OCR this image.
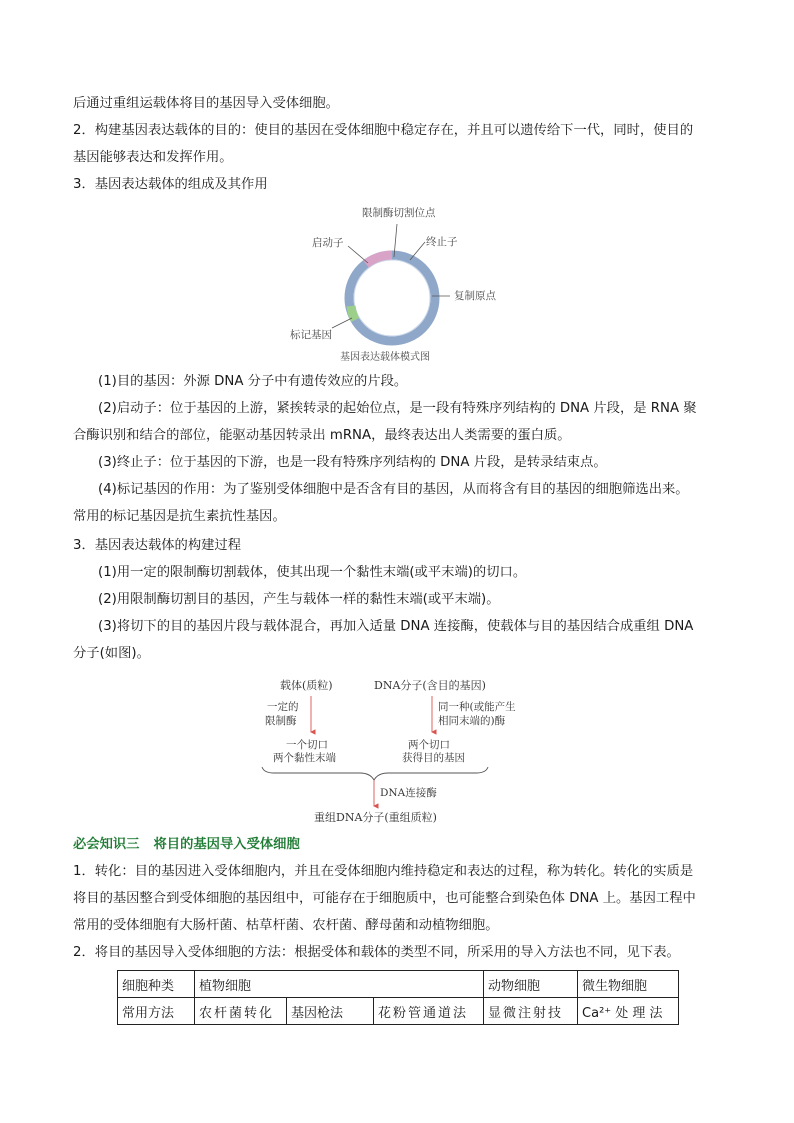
后通过重组运载体将目的基因导入受体细胞。
2．构建基因表达载体的目的：使目的基因在受体细胞中稳定存在，并且可以遗传给下一代，同时，使目的
基因能够表达和发挥作用。
3．基因表达载体的组成及其作用
限制酶切割位点
启动子	终止子
复制原点
标记基因
基因表达载体模式图
(1)目的基因：外源 DNA 分子中有遗传效应的片段。
(2)启动子：位于基因的上游，紧挨转录的起始位点，是一段有特殊序列结构的 DNA 片段，是 RNA 聚
合酶识别和结合的部位，能驱动基因转录出 mRNA，最终表达出人类需要的蛋白质。
(3)终止子：位于基因的下游，也是一段有特殊序列结构的 DNA 片段，是转录结束点。
(4)标记基因的作用：为了鉴别受体细胞中是否含有目的基因，从而将含有目的基因的细胞筛选出来。
常用的标记基因是抗生素抗性基因。
3．基因表达载体的构建过程
(1)用一定的限制酶切割载体，使其出现一个黏性末端(或平末端)的切口。
(2)用限制酶切割目的基因，产生与载体一样的黏性末端(或平末端)。
(3)将切下的目的基因片段与载体混合，再加入适量 DNA 连接酶，使载体与目的基因结合成重组 DNA
分子(如图)。
载体(质粒)	DNA分子(含目的基因)
一定的
限制酶
同一种(或能产生
相同末端的)酶
一个切口
两个黏性末端
两个切口
获得目的基因
DNA连接酶
重组DNA分子(重组质粒)
必会知识三 将目的基因导入受体细胞
1．转化：目的基因进入受体细胞内，并且在受体细胞内维持稳定和表达的过程，称为转化。转化的实质是
将目的基因整合到受体细胞的基因组中，可能存在于细胞质中，也可能整合到染色体 DNA 上。基因工程中
常用的受体细胞有大肠杆菌、枯草杆菌、农杆菌、酵母菌和动植物细胞。
2．将目的基因导入受体细胞的方法：根据受体和载体的类型不同，所采用的导入方法也不同，见下表。
细胞种类	植物细胞			动物细胞	微生物细胞
常用方法	农杆菌转化	基因枪法	花粉管通道法	显微注射技	Ca²⁺ 处 理 法
